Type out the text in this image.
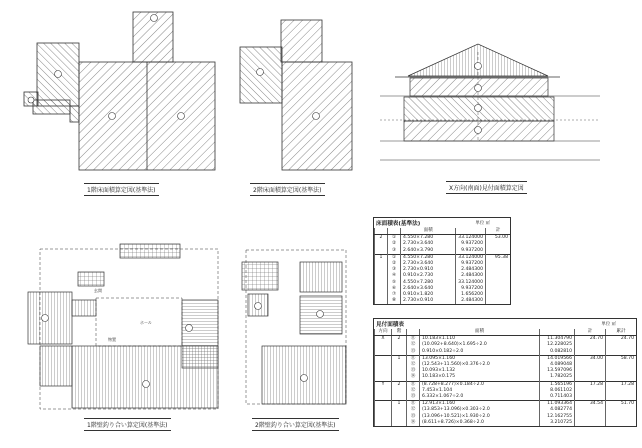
玄関
ホール
物置
1階床面積算定図(基準法)	2階床面積算定図(基準法)	X方向(南面)見付面積算定図
1階壁釣り合い算定図(基準法)	2階壁釣り合い算定図(基準法)
床面積表(基準法)	単位 ㎡
		面積		計
2	①	4.550×7.280	33.124000	53.00
	②	2.730×3.640	9.937200	
	③	2.640×3.790	9.937200	
1	①	4.550×7.280	33.124000	95.38
	②	2.730×3.640	9.937200	
	③	2.730×0.910	2.484300	
	④	0.910×2.730	2.484300	
	⑤	4.550×7.280	33.124000	
	⑥	2.640×3.640	9.937200	
	⑦	0.910×1.820	1.656200	
	⑧	2.730×0.910	2.484300	
見付面積表	単位 ㎡
方向	階		面積		計	累計
X	2	⑪	10.183×1.110	11.304790	24.70	24.70
		⑫	(10.092+8.640)×1.695÷2.0	12.228025		
		⑬	0.910×0.182÷2.0	0.082810		
	1	⑪	13.095×1.160	14.019566	34.00	58.70
		⑫	(12.543+11.560)×0.376÷2.0	4.089048		
		⑬	10.093×1.132	13.597096		
		⑭	10.183×0.175	1.782025		
Y	2	⑪	(8.728+8.277)×0.184÷2.0	1.565196	17.28	17.28
		⑫	7.453×1.104	8.061102		
		⑬	6.332×1.067÷2.0	0.711403		
	1	⑪	12.913×1.160	11.093364	34.54	51.70
		⑫	(13.853+13.096)×0.303÷2.0	4.082774		
		⑬	(13.096+10.521)×1.930÷2.0	12.162755		
		⑭	(8.611+8.726)×0.368÷2.0	3.210725		
